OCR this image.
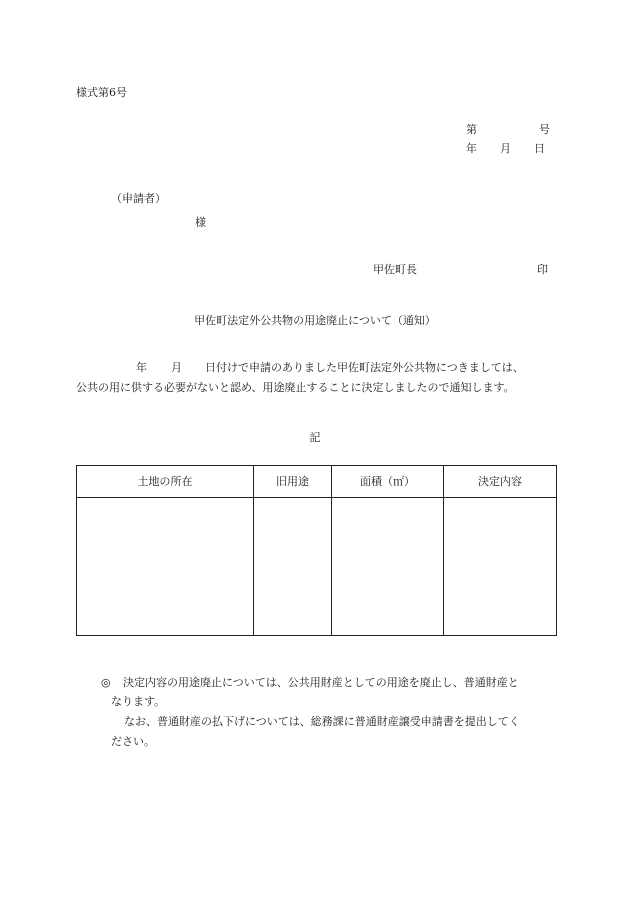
様式第6号
第	号
年 月 日
（申請者）
様
甲佐町長	印
甲佐町法定外公共物の用途廃止について（通知）
年 月 日付けで申請のありました甲佐町法定外公共物につきましては、
公共の用に供する必要がないと認め、用途廃止することに決定しましたので通知します。
記
土地の所在	旧用途	面積（㎡）	決定内容

◎ 決定内容の用途廃止については、公共用財産としての用途を廃止し、普通財産と
なります。
なお、普通財産の払下げについては、総務課に普通財産譲受申請書を提出してく
ださい。
